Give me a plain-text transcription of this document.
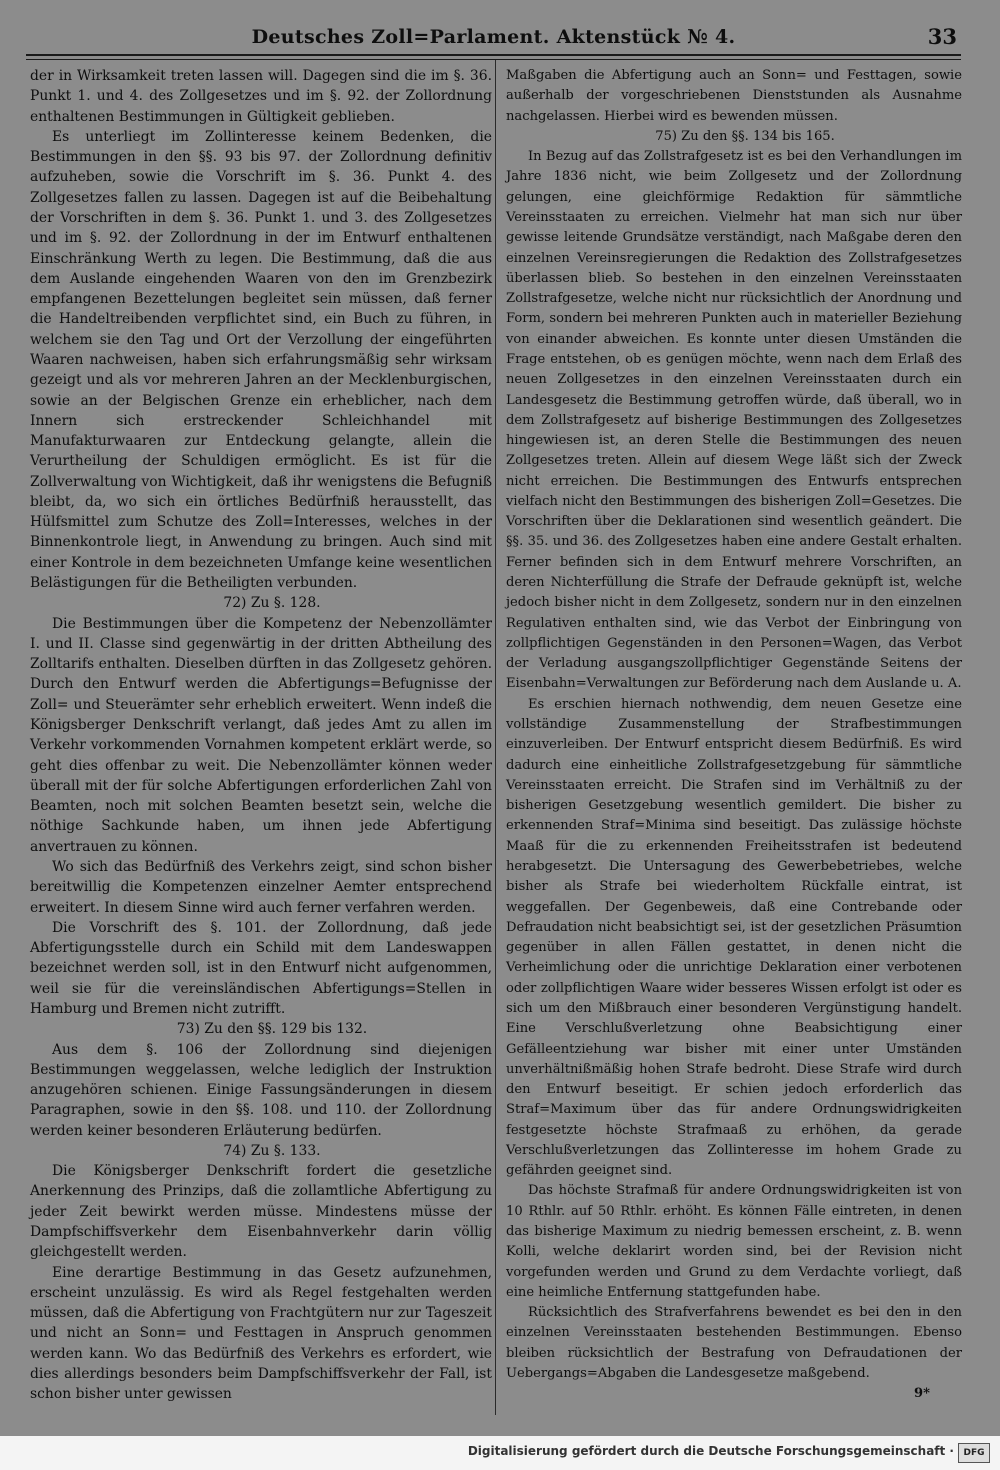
Deutsches Zoll=Parlament. Aktenstück № 4.	33

der in Wirksamkeit treten lassen will. Dagegen sind die im §. 36. Punkt 1. und 4. des Zollgesetzes und im §. 92. der Zollordnung enthaltenen Bestimmungen in Gültigkeit geblieben.

Es unterliegt im Zollinteresse keinem Bedenken, die Bestimmungen in den §§. 93 bis 97. der Zollordnung definitiv aufzuheben, sowie die Vorschrift im §. 36. Punkt 4. des Zollgesetzes fallen zu lassen. Dagegen ist auf die Beibehaltung der Vorschriften in dem §. 36. Punkt 1. und 3. des Zollgesetzes und im §. 92. der Zollordnung in der im Entwurf enthaltenen Einschränkung Werth zu legen. Die Bestimmung, daß die aus dem Auslande eingehenden Waaren von den im Grenzbezirk empfangenen Bezettelungen begleitet sein müssen, daß ferner die Handeltreibenden verpflichtet sind, ein Buch zu führen, in welchem sie den Tag und Ort der Verzollung der eingeführten Waaren nachweisen, haben sich erfahrungsmäßig sehr wirksam gezeigt und als vor mehreren Jahren an der Mecklenburgischen, sowie an der Belgischen Grenze ein erheblicher, nach dem Innern sich erstreckender Schleichhandel mit Manufakturwaaren zur Entdeckung gelangte, allein die Verurtheilung der Schuldigen ermöglicht. Es ist für die Zollverwaltung von Wichtigkeit, daß ihr wenigstens die Befugniß bleibt, da, wo sich ein örtliches Bedürfniß herausstellt, das Hülfsmittel zum Schutze des Zoll=Interesses, welches in der Binnenkontrole liegt, in Anwendung zu bringen. Auch sind mit einer Kontrole in dem bezeichneten Umfange keine wesentlichen Belästigungen für die Betheiligten verbunden.

72) Zu §. 128.

Die Bestimmungen über die Kompetenz der Nebenzollämter I. und II. Classe sind gegenwärtig in der dritten Abtheilung des Zolltarifs enthalten. Dieselben dürften in das Zollgesetz gehören. Durch den Entwurf werden die Abfertigungs=Befugnisse der Zoll= und Steuerämter sehr erheblich erweitert. Wenn indeß die Königsberger Denkschrift verlangt, daß jedes Amt zu allen im Verkehr vorkommenden Vornahmen kompetent erklärt werde, so geht dies offenbar zu weit. Die Nebenzollämter können weder überall mit der für solche Abfertigungen erforderlichen Zahl von Beamten, noch mit solchen Beamten besetzt sein, welche die nöthige Sachkunde haben, um ihnen jede Abfertigung anvertrauen zu können.

Wo sich das Bedürfniß des Verkehrs zeigt, sind schon bisher bereitwillig die Kompetenzen einzelner Aemter entsprechend erweitert. In diesem Sinne wird auch ferner verfahren werden.

Die Vorschrift des §. 101. der Zollordnung, daß jede Abfertigungsstelle durch ein Schild mit dem Landeswappen bezeichnet werden soll, ist in den Entwurf nicht aufgenommen, weil sie für die vereinsländischen Abfertigungs=Stellen in Hamburg und Bremen nicht zutrifft.

73) Zu den §§. 129 bis 132.

Aus dem §. 106 der Zollordnung sind diejenigen Bestimmungen weggelassen, welche lediglich der Instruktion anzugehören schienen. Einige Fassungsänderungen in diesem Paragraphen, sowie in den §§. 108. und 110. der Zollordnung werden keiner besonderen Erläuterung bedürfen.

74) Zu §. 133.

Die Königsberger Denkschrift fordert die gesetzliche Anerkennung des Prinzips, daß die zollamtliche Abfertigung zu jeder Zeit bewirkt werden müsse. Mindestens müsse der Dampfschiffsverkehr dem Eisenbahnverkehr darin völlig gleichgestellt werden.

Eine derartige Bestimmung in das Gesetz aufzunehmen, erscheint unzulässig. Es wird als Regel festgehalten werden müssen, daß die Abfertigung von Frachtgütern nur zur Tageszeit und nicht an Sonn= und Festtagen in Anspruch genommen werden kann. Wo das Bedürfniß des Verkehrs es erfordert, wie dies allerdings besonders beim Dampfschiffsverkehr der Fall, ist schon bisher unter gewissen

Maßgaben die Abfertigung auch an Sonn= und Festtagen, sowie außerhalb der vorgeschriebenen Dienststunden als Ausnahme nachgelassen. Hierbei wird es bewenden müssen.

75) Zu den §§. 134 bis 165.

In Bezug auf das Zollstrafgesetz ist es bei den Verhandlungen im Jahre 1836 nicht, wie beim Zollgesetz und der Zollordnung gelungen, eine gleichförmige Redaktion für sämmtliche Vereinsstaaten zu erreichen. Vielmehr hat man sich nur über gewisse leitende Grundsätze verständigt, nach Maßgabe deren den einzelnen Vereinsregierungen die Redaktion des Zollstrafgesetzes überlassen blieb. So bestehen in den einzelnen Vereinsstaaten Zollstrafgesetze, welche nicht nur rücksichtlich der Anordnung und Form, sondern bei mehreren Punkten auch in materieller Beziehung von einander abweichen. Es konnte unter diesen Umständen die Frage entstehen, ob es genügen möchte, wenn nach dem Erlaß des neuen Zollgesetzes in den einzelnen Vereinsstaaten durch ein Landesgesetz die Bestimmung getroffen würde, daß überall, wo in dem Zollstrafgesetz auf bisherige Bestimmungen des Zollgesetzes hingewiesen ist, an deren Stelle die Bestimmungen des neuen Zollgesetzes treten. Allein auf diesem Wege läßt sich der Zweck nicht erreichen. Die Bestimmungen des Entwurfs entsprechen vielfach nicht den Bestimmungen des bisherigen Zoll=Gesetzes. Die Vorschriften über die Deklarationen sind wesentlich geändert. Die §§. 35. und 36. des Zollgesetzes haben eine andere Gestalt erhalten. Ferner befinden sich in dem Entwurf mehrere Vorschriften, an deren Nichterfüllung die Strafe der Defraude geknüpft ist, welche jedoch bisher nicht in dem Zollgesetz, sondern nur in den einzelnen Regulativen enthalten sind, wie das Verbot der Einbringung von zollpflichtigen Gegenständen in den Personen=Wagen, das Verbot der Verladung ausgangszollpflichtiger Gegenstände Seitens der Eisenbahn=Verwaltungen zur Beförderung nach dem Auslande u. A.

Es erschien hiernach nothwendig, dem neuen Gesetze eine vollständige Zusammenstellung der Strafbestimmungen einzuverleiben. Der Entwurf entspricht diesem Bedürfniß. Es wird dadurch eine einheitliche Zollstrafgesetzgebung für sämmtliche Vereinsstaaten erreicht. Die Strafen sind im Verhältniß zu der bisherigen Gesetzgebung wesentlich gemildert. Die bisher zu erkennenden Straf=Minima sind beseitigt. Das zulässige höchste Maaß für die zu erkennenden Freiheitsstrafen ist bedeutend herabgesetzt. Die Untersagung des Gewerbebetriebes, welche bisher als Strafe bei wiederholtem Rückfalle eintrat, ist weggefallen. Der Gegenbeweis, daß eine Contrebande oder Defraudation nicht beabsichtigt sei, ist der gesetzlichen Präsumtion gegenüber in allen Fällen gestattet, in denen nicht die Verheimlichung oder die unrichtige Deklaration einer verbotenen oder zollpflichtigen Waare wider besseres Wissen erfolgt ist oder es sich um den Mißbrauch einer besonderen Vergünstigung handelt. Eine Verschlußverletzung ohne Beabsichtigung einer Gefälleentziehung war bisher mit einer unter Umständen unverhältnißmäßig hohen Strafe bedroht. Diese Strafe wird durch den Entwurf beseitigt. Er schien jedoch erforderlich das Straf=Maximum über das für andere Ordnungswidrigkeiten festgesetzte höchste Strafmaaß zu erhöhen, da gerade Verschlußverletzungen das Zollinteresse im hohem Grade zu gefährden geeignet sind.

Das höchste Strafmaß für andere Ordnungswidrigkeiten ist von 10 Rthlr. auf 50 Rthlr. erhöht. Es können Fälle eintreten, in denen das bisherige Maximum zu niedrig bemessen erscheint, z. B. wenn Kolli, welche deklarirt worden sind, bei der Revision nicht vorgefunden werden und Grund zu dem Verdachte vorliegt, daß eine heimliche Entfernung stattgefunden habe.

Rücksichtlich des Strafverfahrens bewendet es bei den in den einzelnen Vereinsstaaten bestehenden Bestimmungen. Ebenso bleiben rücksichtlich der Bestrafung von Defraudationen der Uebergangs=Abgaben die Landesgesetze maßgebend.

9*

Digitalisierung gefördert durch die Deutsche Forschungsgemeinschaft ·	DFG
